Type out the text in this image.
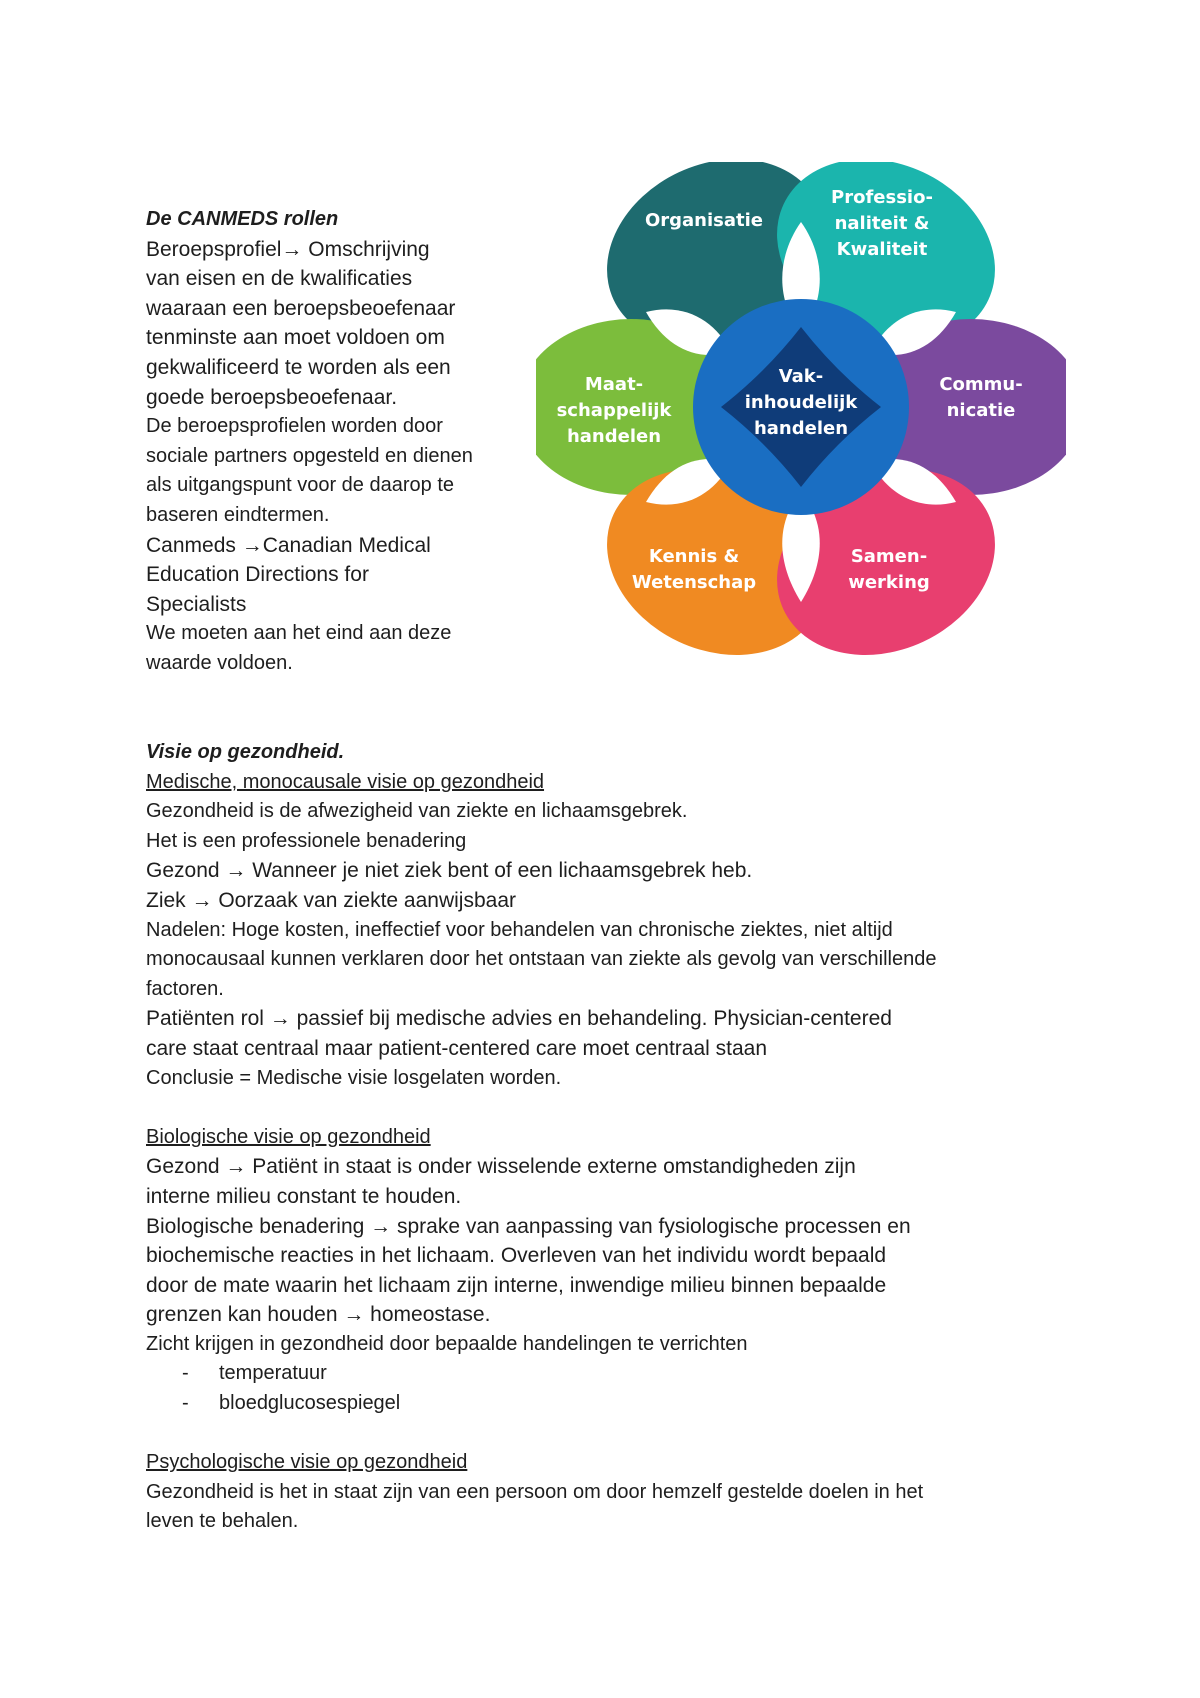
De CANMEDS rollen

Beroepsprofiel→ Omschrijving

van eisen en de kwalificaties

waaraan een beroepsbeoefenaar

tenminste aan moet voldoen om

gekwalificeerd te worden als een

goede beroepsbeoefenaar.

De beroepsprofielen worden door

sociale partners opgesteld en dienen

als uitgangspunt voor de daarop te

baseren eindtermen.

Canmeds →Canadian Medical

Education Directions for

Specialists

We moeten aan het eind aan deze

waarde voldoen.

Organisatie
Professio-
naliteit &
Kwaliteit
Maat-
schappelijk
handelen
Commu-
nicatie
Kennis &
Wetenschap
Samen-
werking
Vak-
inhoudelijk
handelen

Visie op gezondheid.

Medische, monocausale visie op gezondheid

Gezondheid is de afwezigheid van ziekte en lichaamsgebrek.

Het is een professionele benadering

Gezond → Wanneer je niet ziek bent of een lichaamsgebrek heb.

Ziek → Oorzaak van ziekte aanwijsbaar

Nadelen: Hoge kosten, ineffectief voor behandelen van chronische ziektes, niet altijd

monocausaal kunnen verklaren door het ontstaan van ziekte als gevolg van verschillende

factoren.

Patiënten rol → passief bij medische advies en behandeling. Physician-centered

care staat centraal maar patient-centered care moet centraal staan

Conclusie = Medische visie losgelaten worden.

Biologische visie op gezondheid

Gezond → Patiënt in staat is onder wisselende externe omstandigheden zijn

interne milieu constant te houden.

Biologische benadering → sprake van aanpassing van fysiologische processen en

biochemische reacties in het lichaam. Overleven van het individu wordt bepaald

door de mate waarin het lichaam zijn interne, inwendige milieu binnen bepaalde

grenzen kan houden → homeostase.

Zicht krijgen in gezondheid door bepaalde handelingen te verrichten

-	temperatuur
-	bloedglucosespiegel

Psychologische visie op gezondheid

Gezondheid is het in staat zijn van een persoon om door hemzelf gestelde doelen in het

leven te behalen.
